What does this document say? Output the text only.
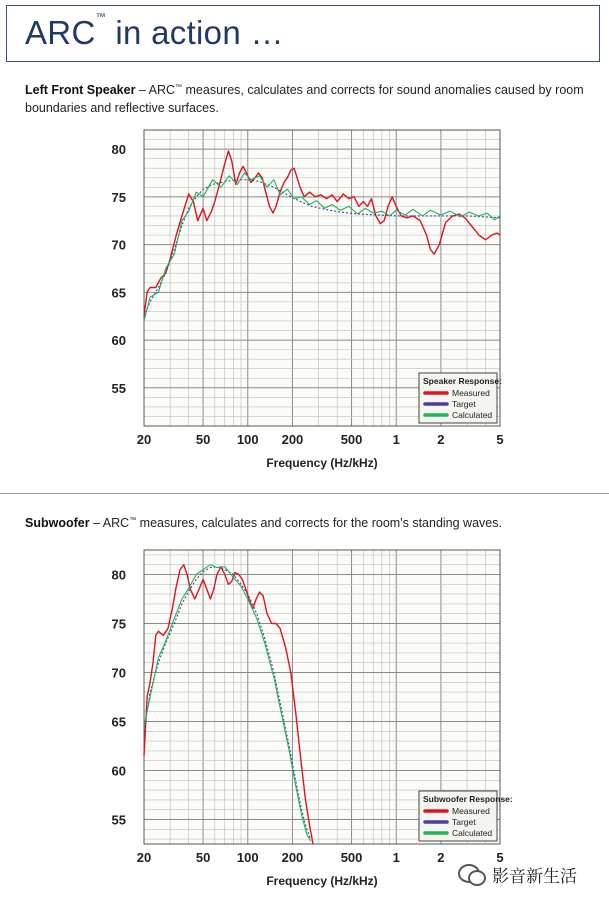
ARC™ in action …
Left Front Speaker – ARC™ measures, calculates and corrects for sound anomalies caused by room boundaries and reflective surfaces.
80
75
70
65
60
55
20	50 100 200	500 1	2	5
Frequency (Hz/kHz)
Speaker Response:
Measured
Target
Calculated
Subwoofer – ARC™ measures, calculates and corrects for the room's standing waves.
80
75
70
65
60
55
20	50 100 200	500 1	2	5
Frequency (Hz/kHz)
Subwoofer Response:
Measured
Target
Calculated
影音新生活
